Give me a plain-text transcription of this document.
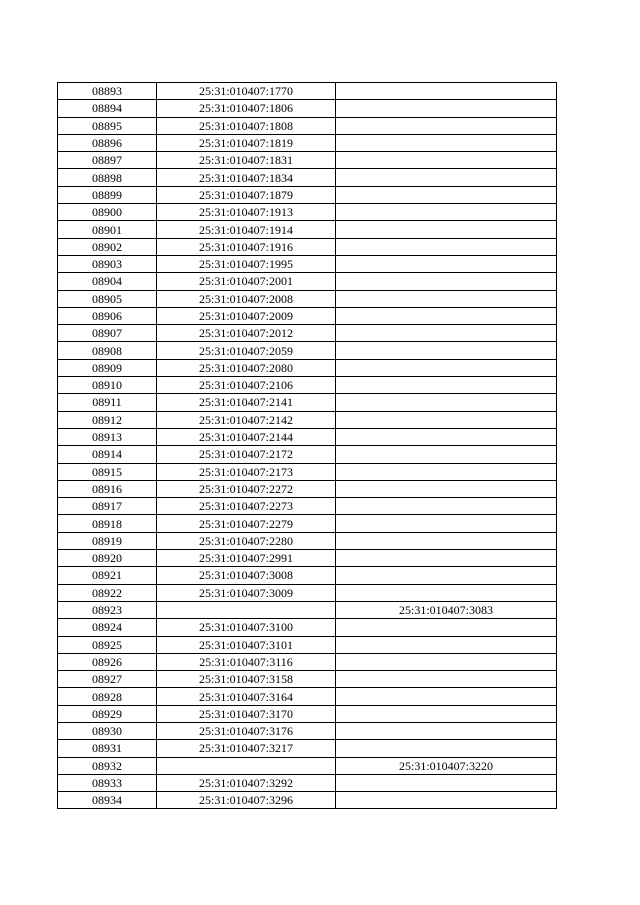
08893	25:31:010407:1770	
08894	25:31:010407:1806	
08895	25:31:010407:1808	
08896	25:31:010407:1819	
08897	25:31:010407:1831	
08898	25:31:010407:1834	
08899	25:31:010407:1879	
08900	25:31:010407:1913	
08901	25:31:010407:1914	
08902	25:31:010407:1916	
08903	25:31:010407:1995	
08904	25:31:010407:2001	
08905	25:31:010407:2008	
08906	25:31:010407:2009	
08907	25:31:010407:2012	
08908	25:31:010407:2059	
08909	25:31:010407:2080	
08910	25:31:010407:2106	
08911	25:31:010407:2141	
08912	25:31:010407:2142	
08913	25:31:010407:2144	
08914	25:31:010407:2172	
08915	25:31:010407:2173	
08916	25:31:010407:2272	
08917	25:31:010407:2273	
08918	25:31:010407:2279	
08919	25:31:010407:2280	
08920	25:31:010407:2991	
08921	25:31:010407:3008	
08922	25:31:010407:3009	
08923		25:31:010407:3083
08924	25:31:010407:3100	
08925	25:31:010407:3101	
08926	25:31:010407:3116	
08927	25:31:010407:3158	
08928	25:31:010407:3164	
08929	25:31:010407:3170	
08930	25:31:010407:3176	
08931	25:31:010407:3217	
08932		25:31:010407:3220
08933	25:31:010407:3292	
08934	25:31:010407:3296	
